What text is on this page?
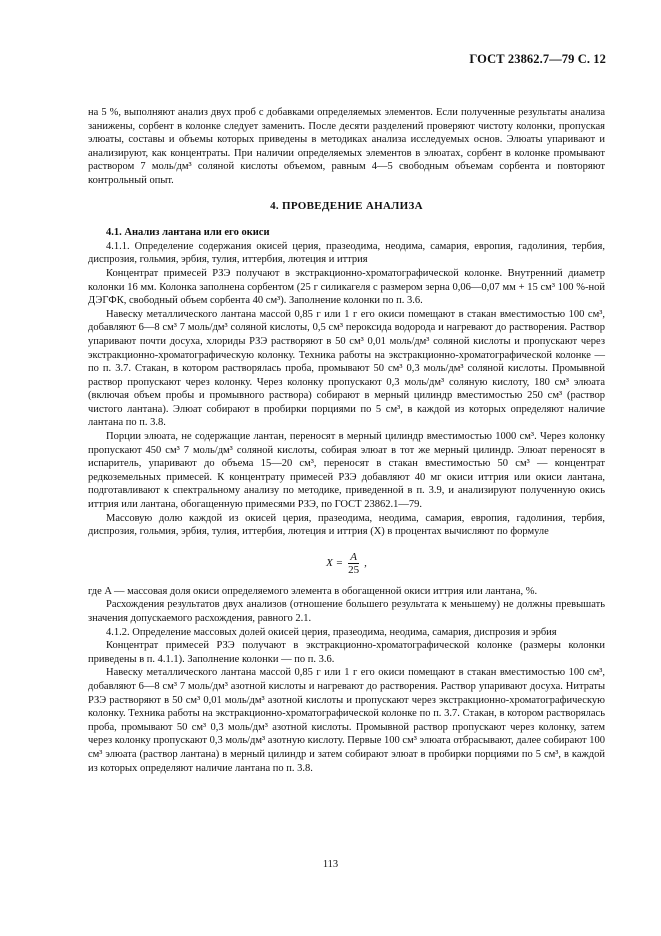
ГОСТ 23862.7—79 С. 12

на 5 %, выполняют анализ двух проб с добавками определяемых элементов. Если полученные результаты анализа занижены, сорбент в колонке следует заменить. После десяти разделений проверяют чистоту колонки, пропуская элюаты, составы и объемы которых приведены в методиках анализа исследуемых основ. Элюаты упаривают и анализируют, как концентраты. При наличии определяемых элементов в элюатах, сорбент в колонке промывают раствором 7 моль/дм³ соляной кислоты объемом, равным 4—5 свободным объемам сорбента и повторяют контрольный опыт.

4. ПРОВЕДЕНИЕ АНАЛИЗА

4.1. Анализ лантана или его окиси

4.1.1. Определение содержания окисей церия, празеодима, неодима, самария, европия, гадолиния, тербия, диспрозия, гольмия, эрбия, тулия, иттербия, лютеция и иттрия

Концентрат примесей РЗЭ получают в экстракционно-хроматографической колонке. Внутренний диаметр колонки 16 мм. Колонка заполнена сорбентом (25 г силикагеля с размером зерна 0,06—0,07 мм + 15 см³ 100 %-ной ДЭГФК, свободный объем сорбента 40 см³). Заполнение колонки по п. 3.6.

Навеску металлического лантана массой 0,85 г или 1 г его окиси помещают в стакан вместимостью 100 см³, добавляют 6—8 см³ 7 моль/дм³ соляной кислоты, 0,5 см³ пероксида водорода и нагревают до растворения. Раствор упаривают почти досуха, хлориды РЗЭ растворяют в 50 см³ 0,01 моль/дм³ соляной кислоты и пропускают через экстракционно-хроматографическую колонку. Техника работы на экстракционно-хроматографической колонке — по п. 3.7. Стакан, в котором растворялась проба, промывают 50 см³ 0,3 моль/дм³ соляной кислоты. Промывной раствор пропускают через колонку. Через колонку пропускают 0,3 моль/дм³ соляную кислоту, 180 см³ элюата (включая объем пробы и промывного раствора) собирают в мерный цилиндр вместимостью 250 см³ (раствор чистого лантана). Элюат собирают в пробирки порциями по 5 см³, в каждой из которых определяют наличие лантана по п. 3.8.

Порции элюата, не содержащие лантан, переносят в мерный цилиндр вместимостью 1000 см³. Через колонку пропускают 450 см³ 7 моль/дм³ соляной кислоты, собирая элюат в тот же мерный цилиндр. Элюат переносят в испаритель, упаривают до объема 15—20 см³, переносят в стакан вместимостью 50 см³ — концентрат редкоземельных примесей. К концентрату примесей РЗЭ добавляют 40 мг окиси иттрия или окиси лантана, подготавливают к спектральному анализу по методике, приведенной в п. 3.9, и анализируют полученную окись иттрия или лантана, обогащенную примесями РЗЭ, по ГОСТ 23862.1—79.

Массовую долю каждой из окисей церия, празеодима, неодима, самария, европия, гадолиния, тербия, диспрозия, гольмия, эрбия, тулия, иттербия, лютеция и иттрия (X) в процентах вычисляют по формуле

$X = \frac{A}{25}$ ,

где A — массовая доля окиси определяемого элемента в обогащенной окиси иттрия или лантана, %.

Расхождения результатов двух анализов (отношение большего результата к меньшему) не должны превышать значения допускаемого расхождения, равного 2.1.

4.1.2. Определение массовых долей окисей церия, празеодима, неодима, самария, диспрозия и эрбия

Концентрат примесей РЗЭ получают в экстракционно-хроматографической колонке (размеры колонки приведены в п. 4.1.1). Заполнение колонки — по п. 3.6.

Навеску металлического лантана массой 0,85 г или 1 г его окиси помещают в стакан вместимостью 100 см³, добавляют 6—8 см³ 7 моль/дм³ азотной кислоты и нагревают до растворения. Раствор упаривают досуха. Нитраты РЗЭ растворяют в 50 см³ 0,01 моль/дм³ азотной кислоты и пропускают через экстракционно-хроматографическую колонку. Техника работы на экстракционно-хроматографической колонке по п. 3.7. Стакан, в котором растворялась проба, промывают 50 см³ 0,3 моль/дм³ азотной кислоты. Промывной раствор пропускают через колонку, затем через колонку пропускают 0,3 моль/дм³ азотную кислоту. Первые 100 см³ элюата отбрасывают, далее собирают 100 см³ элюата (раствор лантана) в мерный цилиндр и затем собирают элюат в пробирки порциями по 5 см³, в каждой из которых определяют наличие лантана по п. 3.8.

113
